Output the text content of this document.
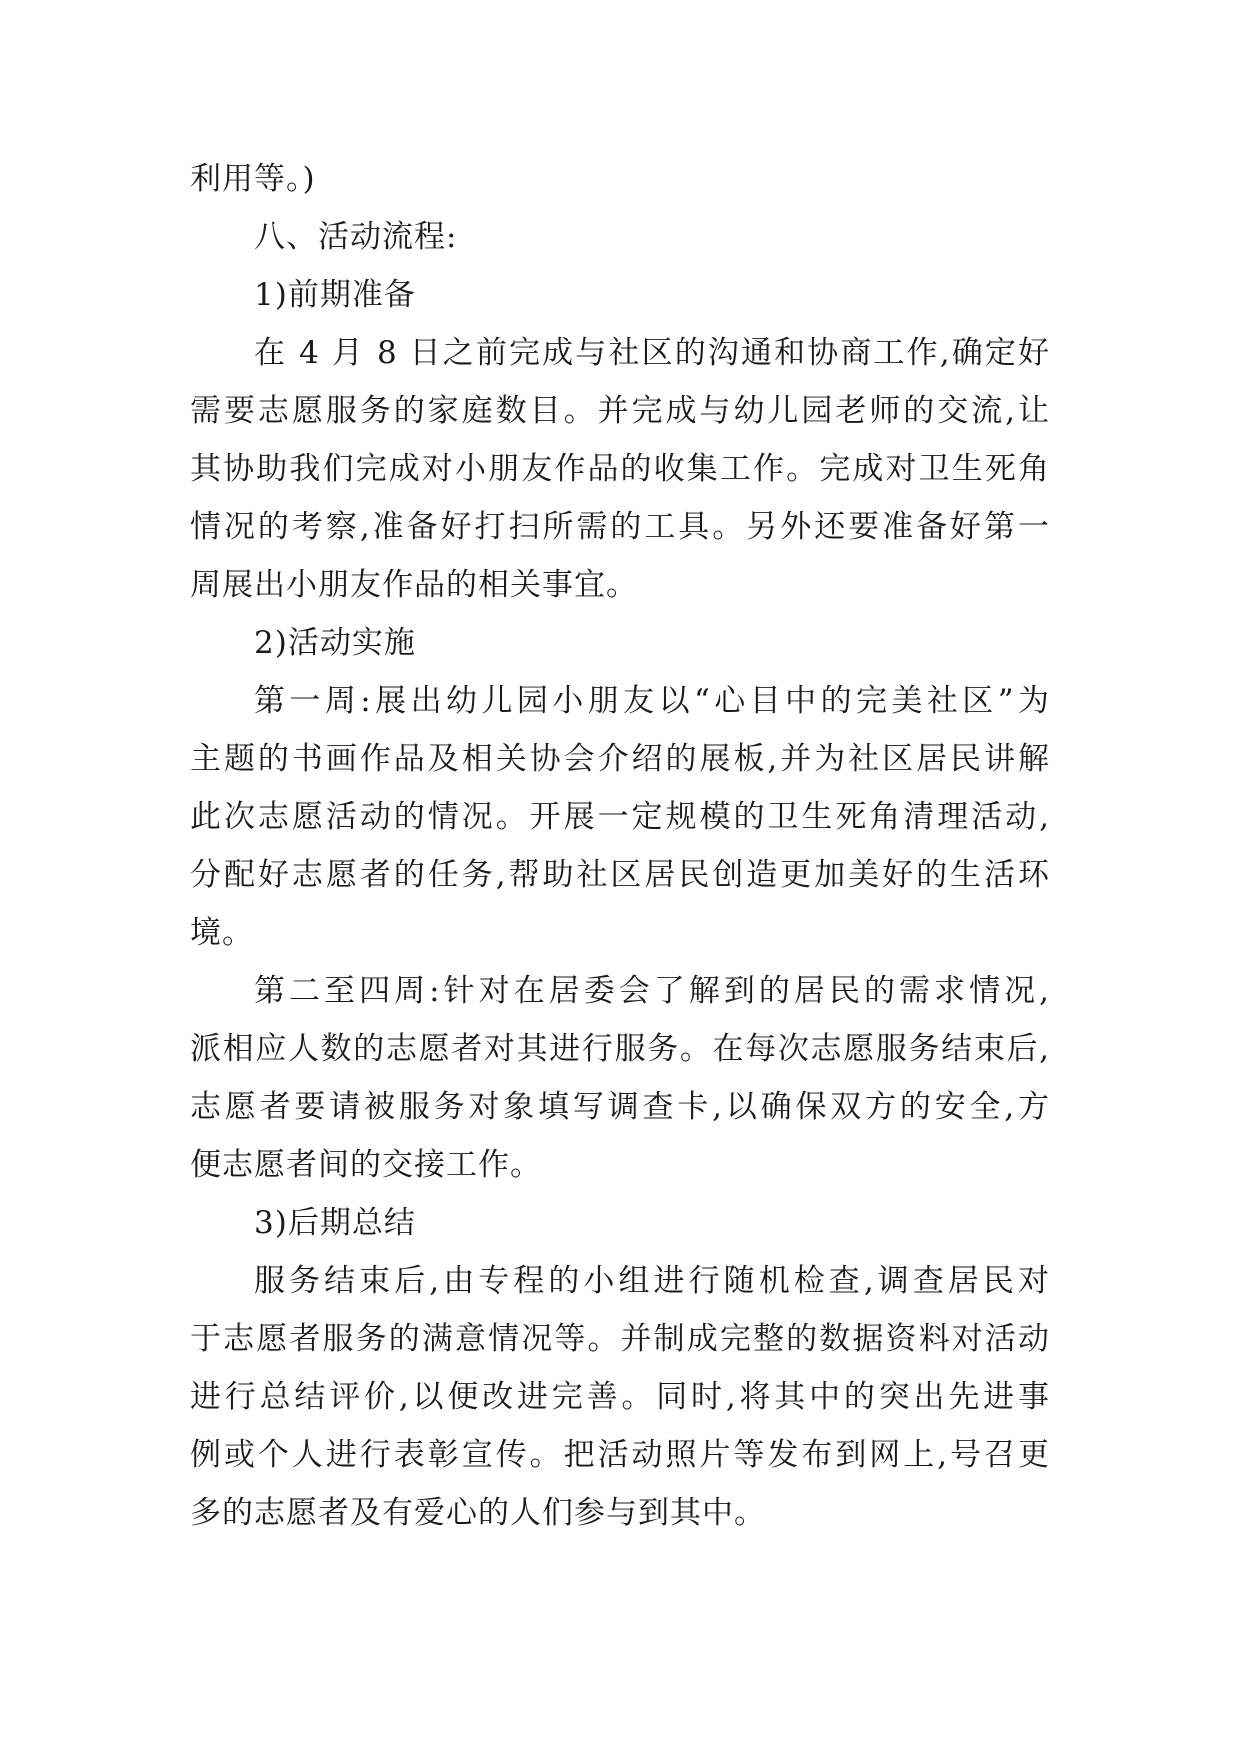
利用等。)
八、活动流程:
1)前期准备
在 4 月 8 日之前完成与社区的沟通和协商工作,确定好
需要志愿服务的家庭数目。并完成与幼儿园老师的交流,让
其协助我们完成对小朋友作品的收集工作。完成对卫生死角
情况的考察,准备好打扫所需的工具。另外还要准备好第一
周展出小朋友作品的相关事宜。
2)活动实施
第一周:展出幼儿园小朋友以“心目中的完美社区”为
主题的书画作品及相关协会介绍的展板,并为社区居民讲解
此次志愿活动的情况。开展一定规模的卫生死角清理活动,
分配好志愿者的任务,帮助社区居民创造更加美好的生活环
境。
第二至四周:针对在居委会了解到的居民的需求情况,
派相应人数的志愿者对其进行服务。在每次志愿服务结束后,
志愿者要请被服务对象填写调查卡,以确保双方的安全,方
便志愿者间的交接工作。
3)后期总结
服务结束后,由专程的小组进行随机检查,调查居民对
于志愿者服务的满意情况等。并制成完整的数据资料对活动
进行总结评价,以便改进完善。同时,将其中的突出先进事
例或个人进行表彰宣传。把活动照片等发布到网上,号召更
多的志愿者及有爱心的人们参与到其中。
